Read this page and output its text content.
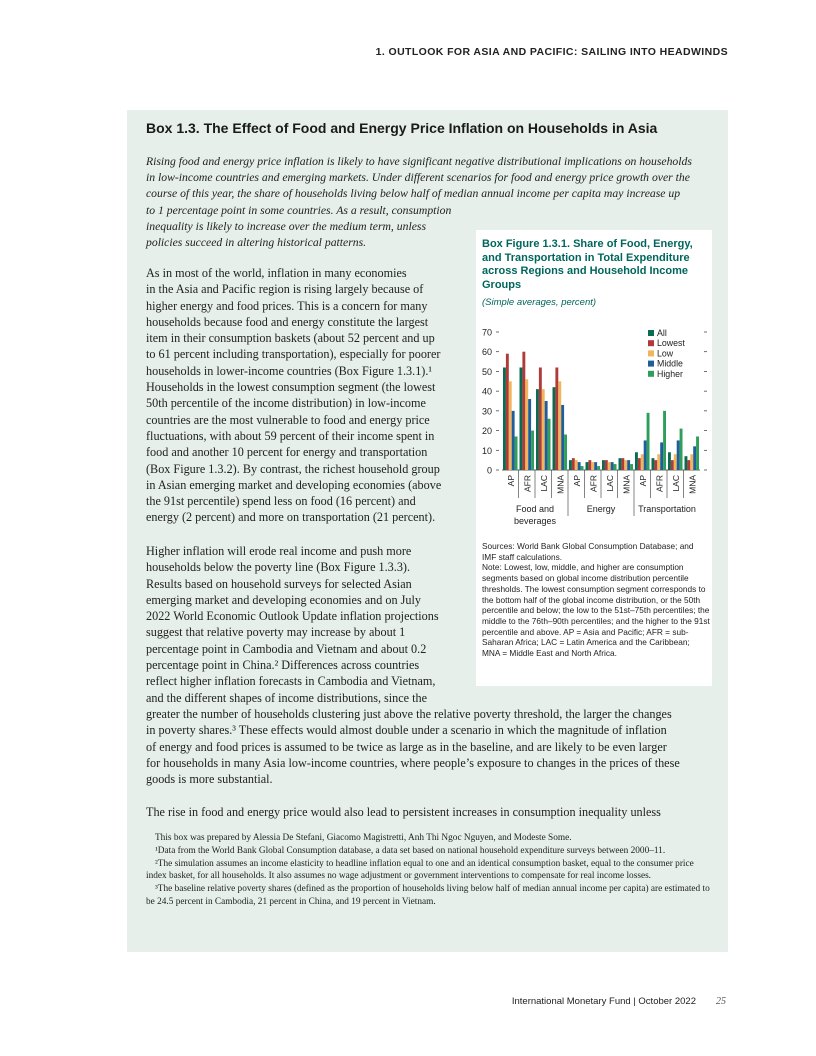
1. OUTLOOK FOR ASIA AND PACIFIC: SAILING INTO HEADWINDS
Box 1.3. The Effect of Food and Energy Price Inflation on Households in Asia
Rising food and energy price inflation is likely to have significant negative distributional implications on households
in low-income countries and emerging markets. Under different scenarios for food and energy price growth over the
course of this year, the share of households living below half of median annual income per capita may increase up
to 1 percentage point in some countries. As a result, consumption
inequality is likely to increase over the medium term, unless
policies succeed in altering historical patterns.
As in most of the world, inflation in many economies
in the Asia and Pacific region is rising largely because of
higher energy and food prices. This is a concern for many
households because food and energy constitute the largest
item in their consumption baskets (about 52 percent and up
to 61 percent including transportation), especially for poorer
households in lower-income countries (Box Figure 1.3.1).¹
Households in the lowest consumption segment (the lowest
50th percentile of the income distribution) in low-income
countries are the most vulnerable to food and energy price
fluctuations, with about 59 percent of their income spent in
food and another 10 percent for energy and transportation
(Box Figure 1.3.2). By contrast, the richest household group
in Asian emerging market and developing economies (above
the 91st percentile) spend less on food (16 percent) and
energy (2 percent) and more on transportation (21 percent).
Higher inflation will erode real income and push more
households below the poverty line (Box Figure 1.3.3).
Results based on household surveys for selected Asian
emerging market and developing economies and on July
2022 World Economic Outlook Update inflation projections
suggest that relative poverty may increase by about 1
percentage point in Cambodia and Vietnam and about 0.2
percentage point in China.² Differences across countries
reflect higher inflation forecasts in Cambodia and Vietnam,
and the different shapes of income distributions, since the
greater the number of households clustering just above the relative poverty threshold, the larger the changes
in poverty shares.³ These effects would almost double under a scenario in which the magnitude of inflation
of energy and food prices is assumed to be twice as large as in the baseline, and are likely to be even larger
for households in many Asia low-income countries, where people’s exposure to changes in the prices of these
goods is more substantial.
The rise in food and energy price would also lead to persistent increases in consumption inequality unless

This box was prepared by Alessia De Stefani, Giacomo Magistretti, Anh Thi Ngoc Nguyen, and Modeste Some.

¹Data from the World Bank Global Consumption database, a data set based on national household expenditure surveys between 2000–11.

²The simulation assumes an income elasticity to headline inflation equal to one and an identical consumption basket, equal to the consumer price index basket, for all households. It also assumes no wage adjustment or government interventions to compensate for real income losses.

³The baseline relative poverty shares (defined as the proportion of households living below half of median annual income per capita) are estimated to be 24.5 percent in Cambodia, 21 percent in China, and 19 percent in Vietnam.

Box Figure 1.3.1. Share of Food, Energy, and Transportation in Total Expenditure across Regions and Household Income Groups
(Simple averages, percent)
0
10
20
30
40
50
60
70
AP AFR LAC MNA AP AFR LAC MNA AP AFR LAC MNA
Food and
beverages
Energy	Transportation
All
Lowest
Low
Middle
Higher

Sources: World Bank Global Consumption Database; and IMF staff calculations.

Note: Lowest, low, middle, and higher are consumption segments based on global income distribution percentile thresholds. The lowest consumption segment corresponds to the bottom half of the global income distribution, or the 50th percentile and below; the low to the 51st–75th percentiles; the middle to the 76th–90th percentiles; and the higher to the 91st percentile and above. AP = Asia and Pacific; AFR = sub-Saharan Africa; LAC = Latin America and the Caribbean; MNA = Middle East and North Africa.

International Monetary Fund | October 2022 25
